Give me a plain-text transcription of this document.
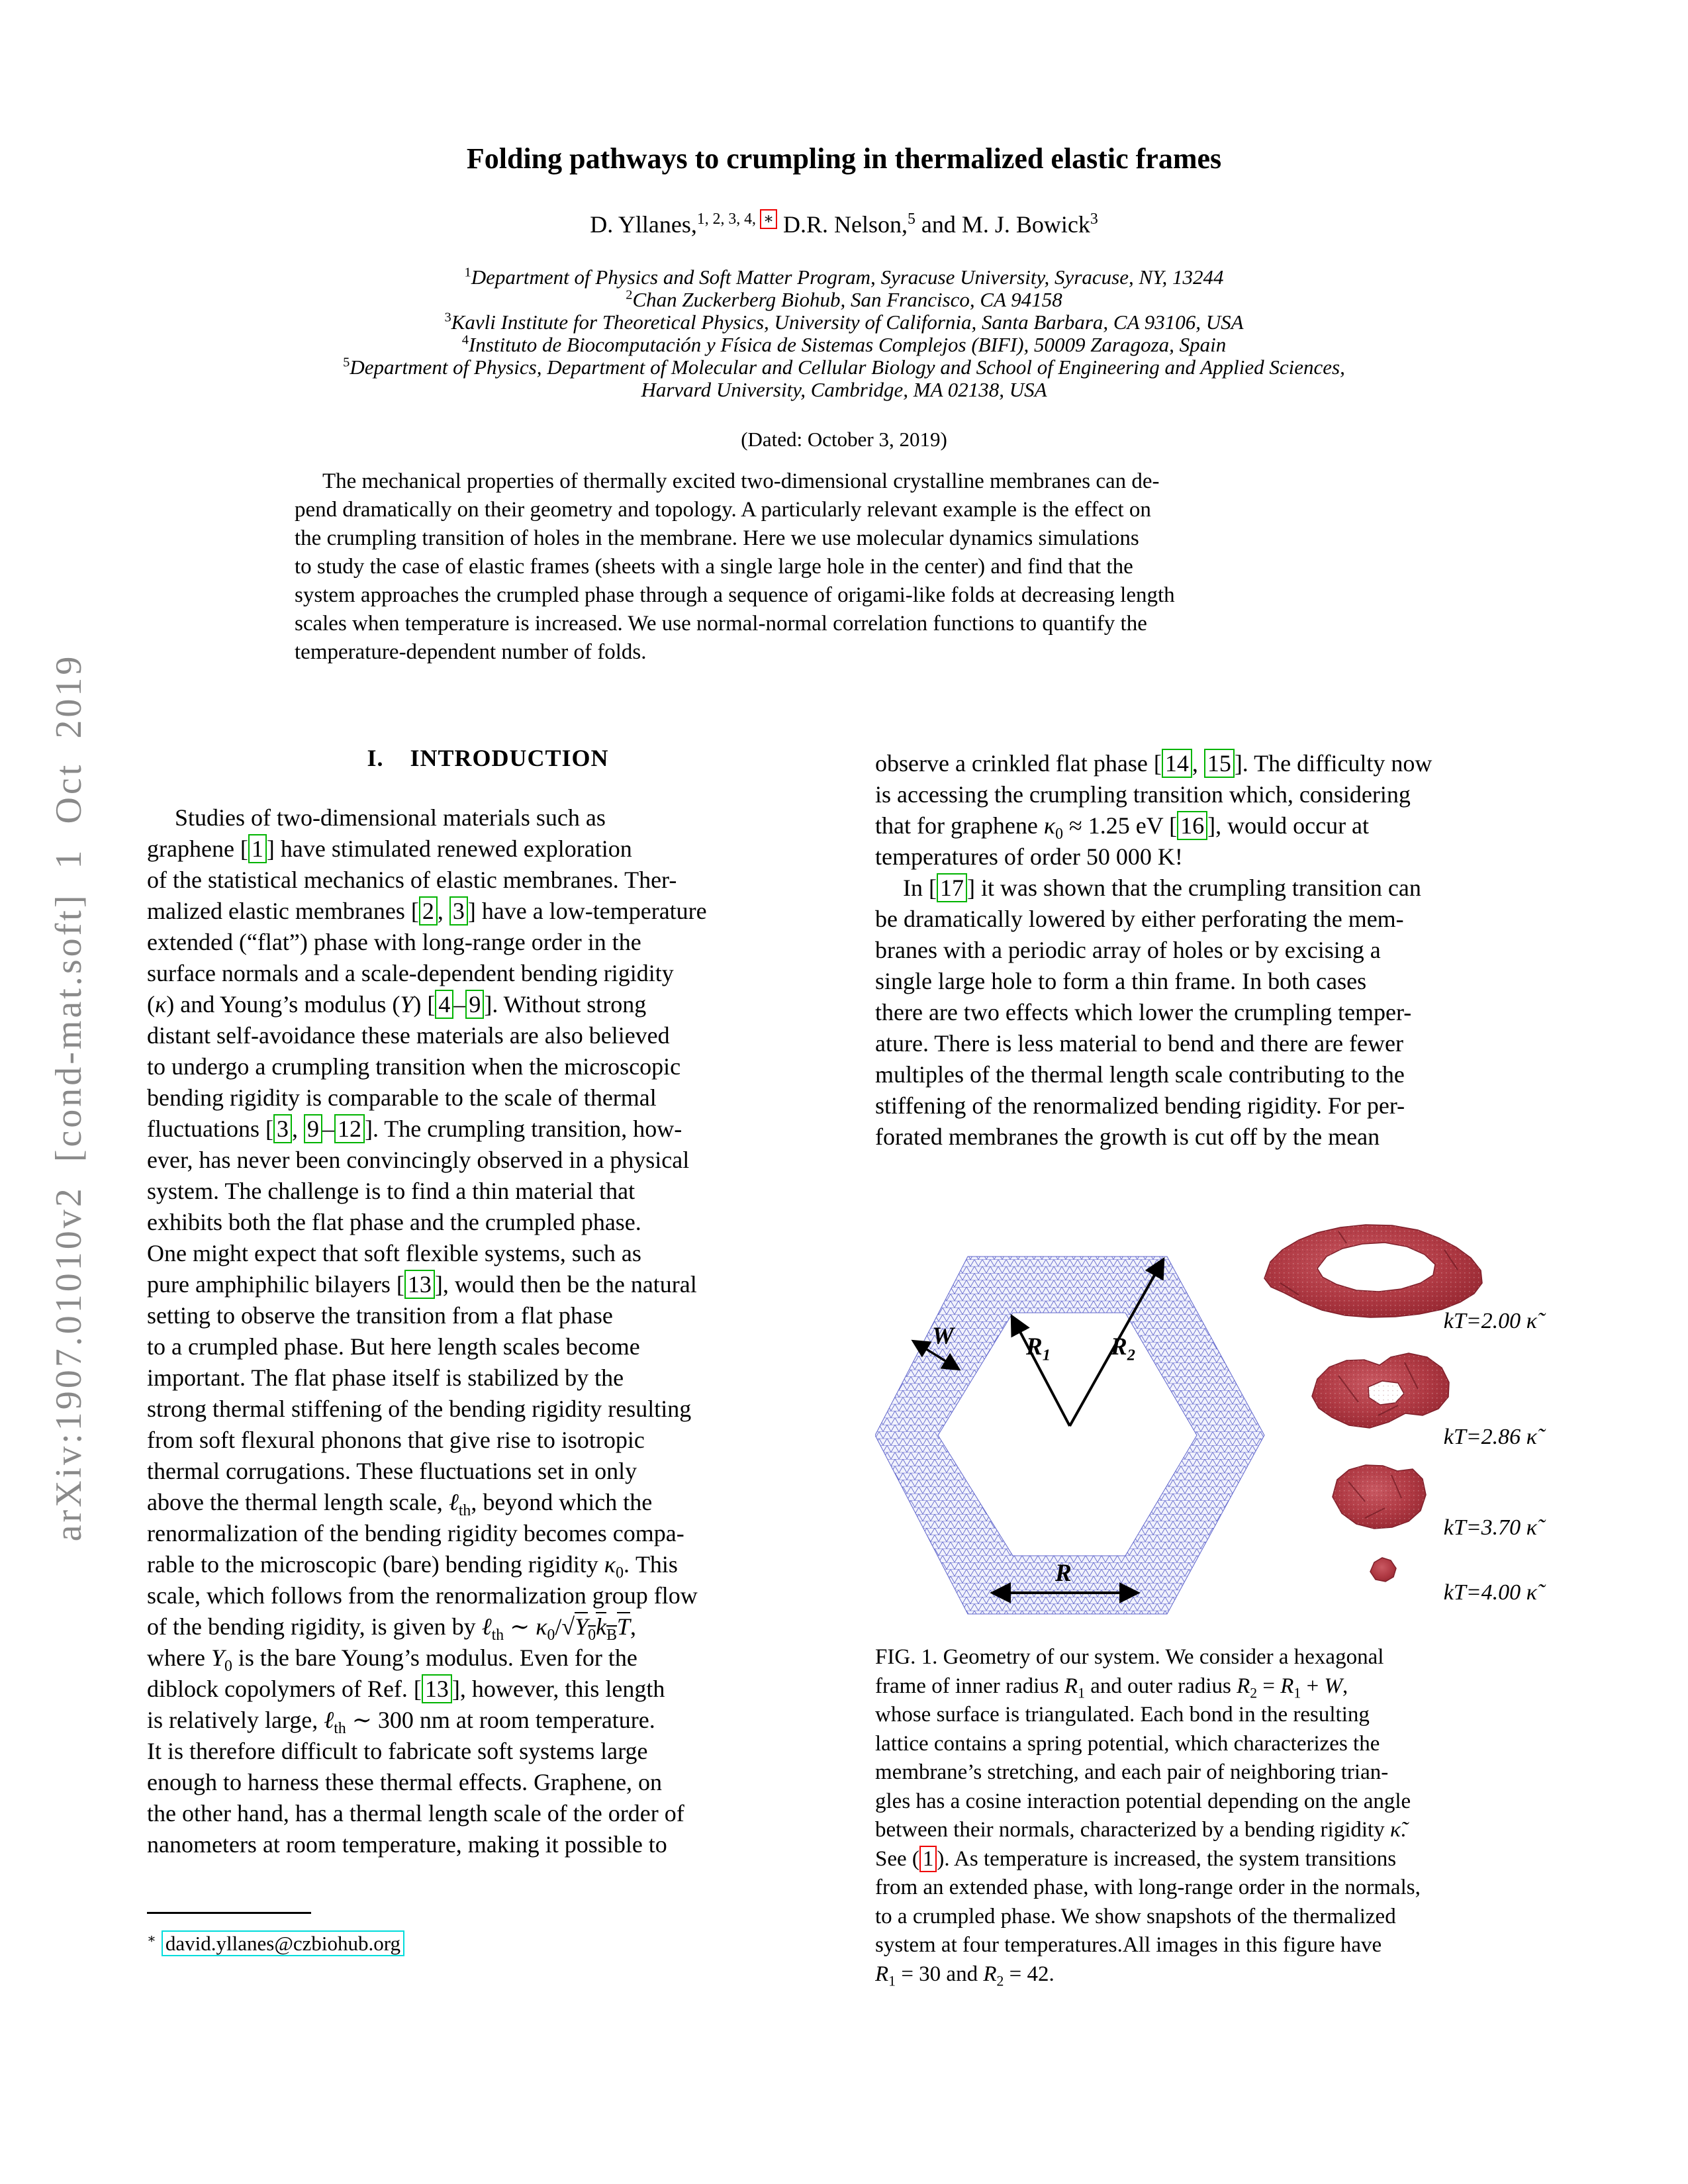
arXiv:1907.01010v2 [cond-mat.soft] 1 Oct 2019
Folding pathways to crumpling in thermalized elastic frames
D. Yllanes,$^{1, 2, 3, 4,}$ ∗ D.R. Nelson,$^5$ and M. J. Bowick$^3$
$^1$Department of Physics and Soft Matter Program, Syracuse University, Syracuse, NY, 13244
$^2$Chan Zuckerberg Biohub, San Francisco, CA 94158
$^3$Kavli Institute for Theoretical Physics, University of California, Santa Barbara, CA 93106, USA
$^4$Instituto de Biocomputación y Física de Sistemas Complejos (BIFI), 50009 Zaragoza, Spain
$^5$Department of Physics, Department of Molecular and Cellular Biology and School of Engineering and Applied Sciences,
Harvard University, Cambridge, MA 02138, USA
(Dated: October 3, 2019)
The mechanical properties of thermally excited two-dimensional crystalline membranes can de-
pend dramatically on their geometry and topology. A particularly relevant example is the effect on
the crumpling transition of holes in the membrane. Here we use molecular dynamics simulations
to study the case of elastic frames (sheets with a single large hole in the center) and find that the
system approaches the crumpled phase through a sequence of origami-like folds at decreasing length
scales when temperature is increased. We use normal-normal correlation functions to quantify the
temperature-dependent number of folds.
I.    INTRODUCTION
Studies of two-dimensional materials such as
graphene [ 1 ] have stimulated renewed exploration
of the statistical mechanics of elastic membranes. Ther-
malized elastic membranes [ 2 , 3 ] have a low-temperature
extended (“flat”) phase with long-range order in the
surface normals and a scale-dependent bending rigidity
(κ) and Young’s modulus (Y) [ 4 – 9 ]. Without strong
distant self-avoidance these materials are also believed
to undergo a crumpling transition when the microscopic
bending rigidity is comparable to the scale of thermal
fluctuations [ 3 , 9 – 12 ]. The crumpling transition, how-
ever, has never been convincingly observed in a physical
system. The challenge is to find a thin material that
exhibits both the flat phase and the crumpled phase.
One might expect that soft flexible systems, such as
pure amphiphilic bilayers [ 13 ], would then be the natural
setting to observe the transition from a flat phase
to a crumpled phase. But here length scales become
important. The flat phase itself is stabilized by the
strong thermal stiffening of the bending rigidity resulting
from soft flexural phonons that give rise to isotropic
thermal corrugations. These fluctuations set in only
above the thermal length scale, ℓ$_{th}$, beyond which the
renormalization of the bending rigidity becomes compa-
rable to the microscopic (bare) bending rigidity $\kappa_0$. This
scale, which follows from the renormalization group flow
of the bending rigidity, is given by ℓ$_{th}$ ∼ $\kappa_0/√Y_0k_BT$,
where $Y_0$ is the bare Young’s modulus. Even for the
diblock copolymers of Ref. [ 13 ], however, this length
is relatively large, ℓ$_{th}$ ∼ 300 nm at room temperature.
It is therefore difficult to fabricate soft systems large
enough to harness these thermal effects. Graphene, on
the other hand, has a thermal length scale of the order of
nanometers at room temperature, making it possible to
observe a crinkled flat phase [ 14 , 15 ]. The difficulty now
is accessing the crumpling transition which, considering
that for graphene $\kappa_0 \approx 1.25$ eV [ 16 ], would occur at
temperatures of order 50 000 K!
In [ 17 ] it was shown that the crumpling transition can
be dramatically lowered by either perforating the mem-
branes with a periodic array of holes or by excising a
single large hole to form a thin frame. In both cases
there are two effects which lower the crumpling temper-
ature. There is less material to bend and there are fewer
multiples of the thermal length scale contributing to the
stiffening of the renormalized bending rigidity. For per-
forated membranes the growth is cut off by the mean
W	$R_1$ $R_2$
R
kT=2.00 κ̃
kT=2.86 κ̃
kT=3.70 κ̃
kT=4.00 κ̃
FIG. 1. Geometry of our system. We consider a hexagonal
frame of inner radius $R_1$ and outer radius $R_2 = R_1 + W$,
whose surface is triangulated. Each bond in the resulting
lattice contains a spring potential, which characterizes the
membrane’s stretching, and each pair of neighboring trian-
gles has a cosine interaction potential depending on the angle
between their normals, characterized by a bending rigidity κ̃.
See ( 1 ). As temperature is increased, the system transitions
from an extended phase, with long-range order in the normals,
to a crumpled phase. We show snapshots of the thermalized
system at four temperatures.All images in this figure have
$R_1 = 30$ and $R_2 = 42$.
∗ david.yllanes@czbiohub.org
